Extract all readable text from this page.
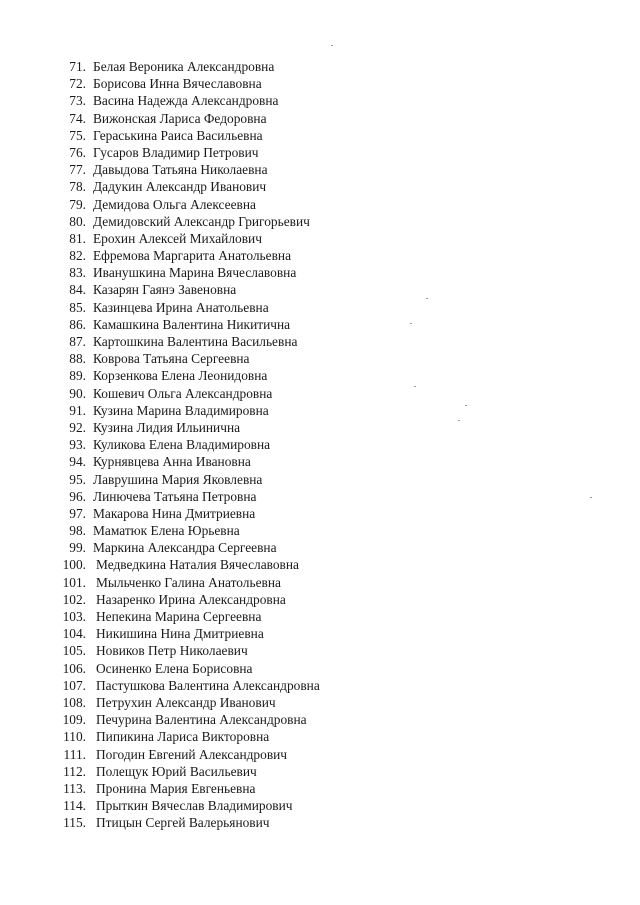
71. Белая Вероника Александровна
72. Борисова Инна Вячеславовна
73. Васина Надежда Александровна
74. Вижонская Лариса Федоровна
75. Гераськина Раиса Васильевна
76. Гусаров Владимир Петрович
77. Давыдова Татьяна Николаевна
78. Дадукин Александр Иванович
79. Демидова Ольга Алексеевна
80. Демидовский Александр Григорьевич
81. Ерохин Алексей Михайлович
82. Ефремова Маргарита Анатольевна
83. Иванушкина Марина Вячеславовна
84. Казарян Гаянэ Завеновна
85. Казинцева Ирина Анатольевна
86. Камашкина Валентина Никитична
87. Картошкина Валентина Васильевна
88. Коврова Татьяна Сергеевна
89. Корзенкова Елена Леонидовна
90. Кошевич Ольга Александровна
91. Кузина Марина Владимировна
92. Кузина Лидия Ильинична
93. Куликова Елена Владимировна
94. Курнявцева Анна Ивановна
95. Лаврушина Мария Яковлевна
96. Линючева Татьяна Петровна
97. Макарова Нина Дмитриевна
98. Маматюк Елена Юрьевна
99. Маркина Александра Сергеевна
100. Медведкина Наталия Вячеславовна
101. Мыльченко Галина Анатольевна
102. Назаренко Ирина Александровна
103. Непекина Марина Сергеевна
104. Никишина Нина Дмитриевна
105. Новиков Петр Николаевич
106. Осиненко Елена Борисовна
107. Пастушкова Валентина Александровна
108. Петрухин Александр Иванович
109. Печурина Валентина Александровна
110. Пипикина Лариса Викторовна
111. Погодин Евгений Александрович
112. Полещук Юрий Васильевич
113. Пронина Мария Евгеньевна
114. Прыткин Вячеслав Владимирович
115. Птицын Сергей Валерьянович
